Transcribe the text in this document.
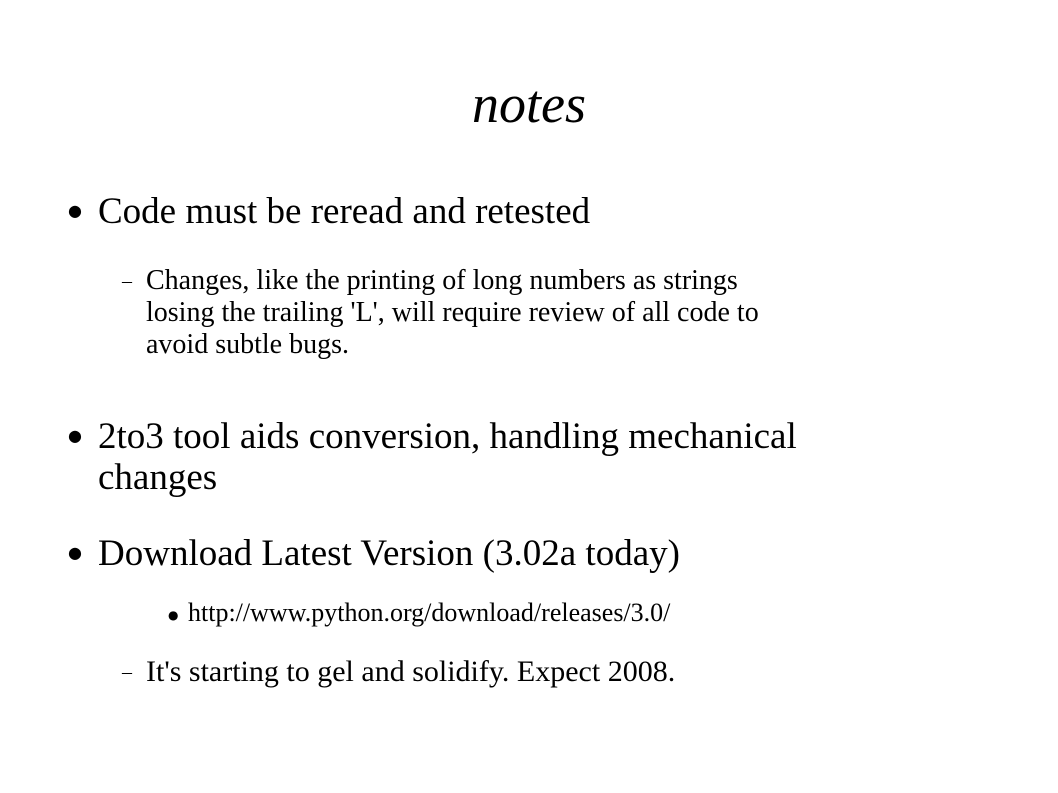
notes
● Code must be reread and retested
– Changes, like the printing of long numbers as strings
losing the trailing 'L', will require review of all code to
avoid subtle bugs.
● 2to3 tool aids conversion, handling mechanical
changes
● Download Latest Version (3.02a today)
● http://www.python.org/download/releases/3.0/
– It's starting to gel and solidify. Expect 2008.
